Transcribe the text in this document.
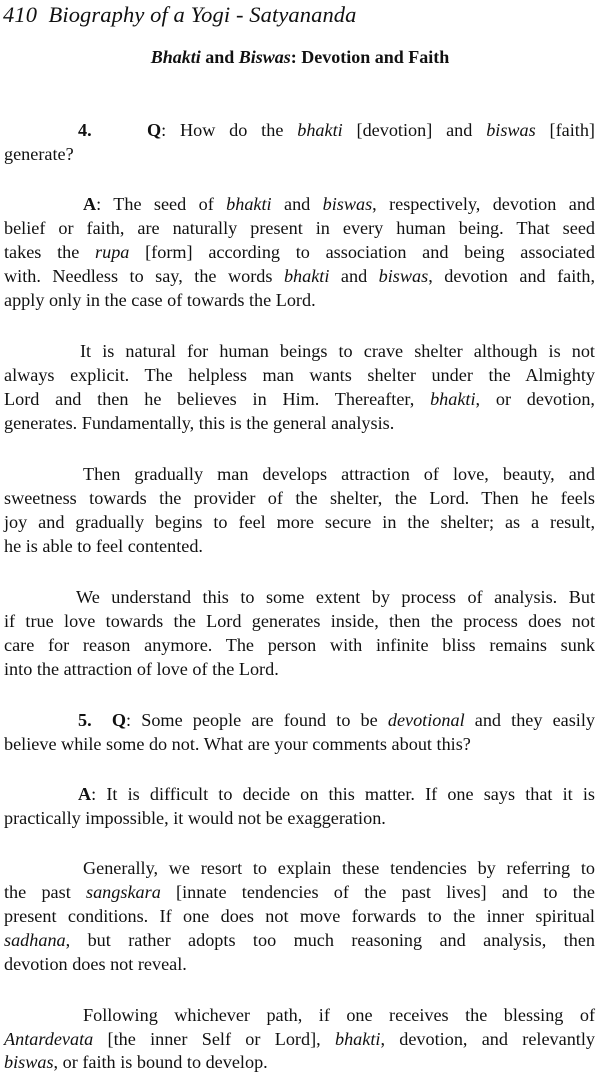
410 Biography of a Yogi - Satyananda
Bhakti and Biswas: Devotion and Faith
4.	Q: How do the bhakti [devotion] and biswas [faith]
generate?
A: The seed of bhakti and biswas, respectively, devotion and
belief or faith, are naturally present in every human being. That seed
takes the rupa [form] according to association and being associated
with. Needless to say, the words bhakti and biswas, devotion and faith,
apply only in the case of towards the Lord.
It is natural for human beings to crave shelter although is not
always explicit. The helpless man wants shelter under the Almighty
Lord and then he believes in Him. Thereafter, bhakti, or devotion,
generates. Fundamentally, this is the general analysis.
Then gradually man develops attraction of love, beauty, and
sweetness towards the provider of the shelter, the Lord. Then he feels
joy and gradually begins to feel more secure in the shelter; as a result,
he is able to feel contented.
We understand this to some extent by process of analysis. But
if true love towards the Lord generates inside, then the process does not
care for reason anymore. The person with infinite bliss remains sunk
into the attraction of love of the Lord.
5. Q: Some people are found to be devotional and they easily
believe while some do not. What are your comments about this?
A: It is difficult to decide on this matter. If one says that it is
practically impossible, it would not be exaggeration.
Generally, we resort to explain these tendencies by referring to
the past sangskara [innate tendencies of the past lives] and to the
present conditions. If one does not move forwards to the inner spiritual
sadhana, but rather adopts too much reasoning and analysis, then
devotion does not reveal.
Following whichever path, if one receives the blessing of
Antardevata [the inner Self or Lord], bhakti, devotion, and relevantly
biswas, or faith is bound to develop.
